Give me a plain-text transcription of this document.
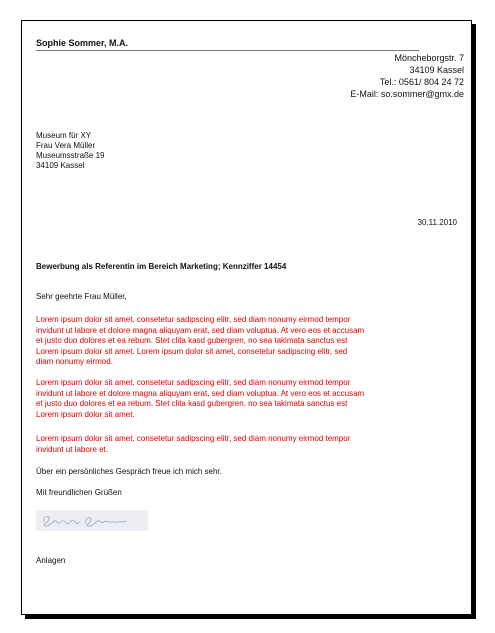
Sophie Sommer, M.A.
Möncheborgstr. 7
34109 Kassel
Tel.: 0561/ 804 24 72
E-Mail: so.sommer@gmx.de
Museum für XY
Frau Vera Müller
Museumsstraße 19
34109 Kassel
30.11.2010
Bewerbung als Referentin im Bereich Marketing; Kennziffer 14454
Sehr geehrte Frau Müller,
Lorem ipsum dolor sit amet, consetetur sadipscing elitr, sed diam nonumy eirmod tempor
invidunt ut labore et dolore magna aliquyam erat, sed diam voluptua. At vero eos et accusam
et justo duo dolores et ea rebum. Stet clita kasd gubergren, no sea takimata sanctus est
Lorem ipsum dolor sit amet. Lorem ipsum dolor sit amet, consetetur sadipscing elitr, sed
diam nonumy eirmod.
Lorem ipsum dolor sit amet, consetetur sadipscing elitr, sed diam nonumy eirmod tempor
invidunt ut labore et dolore magna aliquyam erat, sed diam voluptua. At vero eos et accusam
et justo duo dolores et ea rebum. Stet clita kasd gubergren, no sea takimata sanctus est
Lorem ipsum dolor sit amet.
Lorem ipsum dolor sit amet, consetetur sadipscing elitr, sed diam nonumy eirmod tempor
invidunt ut labore et.
Über ein persönliches Gespräch freue ich mich sehr.
Mit freundlichen Grüßen
Anlagen
